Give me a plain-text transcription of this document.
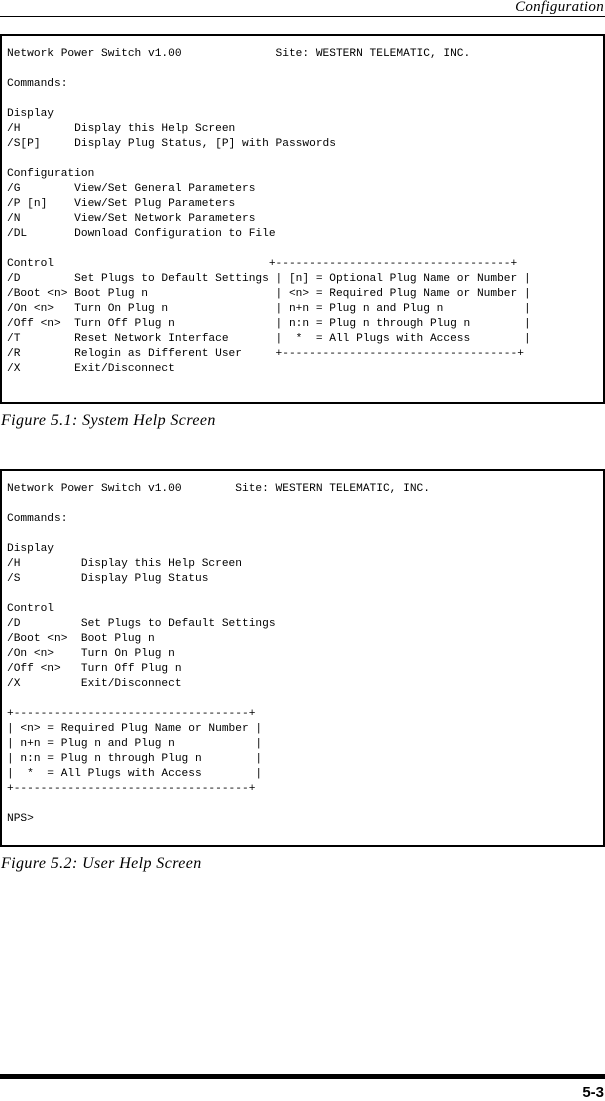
Configuration
Network Power Switch v1.00              Site: WESTERN TELEMATIC, INC.

Commands:

Display
/H        Display this Help Screen
/S[P]     Display Plug Status, [P] with Passwords

Configuration
/G        View/Set General Parameters
/P [n]    View/Set Plug Parameters
/N        View/Set Network Parameters
/DL       Download Configuration to File

Control                                +-----------------------------------+
/D        Set Plugs to Default Settings | [n] = Optional Plug Name or Number |
/Boot <n> Boot Plug n                   | <n> = Required Plug Name or Number |
/On <n>   Turn On Plug n                | n+n = Plug n and Plug n            |
/Off <n>  Turn Off Plug n               | n:n = Plug n through Plug n        |
/T        Reset Network Interface       |  *  = All Plugs with Access        |
/R        Relogin as Different User     +-----------------------------------+
/X        Exit/Disconnect
Figure 5.1: System Help Screen
Network Power Switch v1.00        Site: WESTERN TELEMATIC, INC.

Commands:

Display
/H         Display this Help Screen
/S         Display Plug Status

Control
/D         Set Plugs to Default Settings
/Boot <n>  Boot Plug n
/On <n>    Turn On Plug n
/Off <n>   Turn Off Plug n
/X         Exit/Disconnect

+-----------------------------------+
| <n> = Required Plug Name or Number |
| n+n = Plug n and Plug n            |
| n:n = Plug n through Plug n        |
|  *  = All Plugs with Access        |
+-----------------------------------+

NPS>
Figure 5.2: User Help Screen
5-3
